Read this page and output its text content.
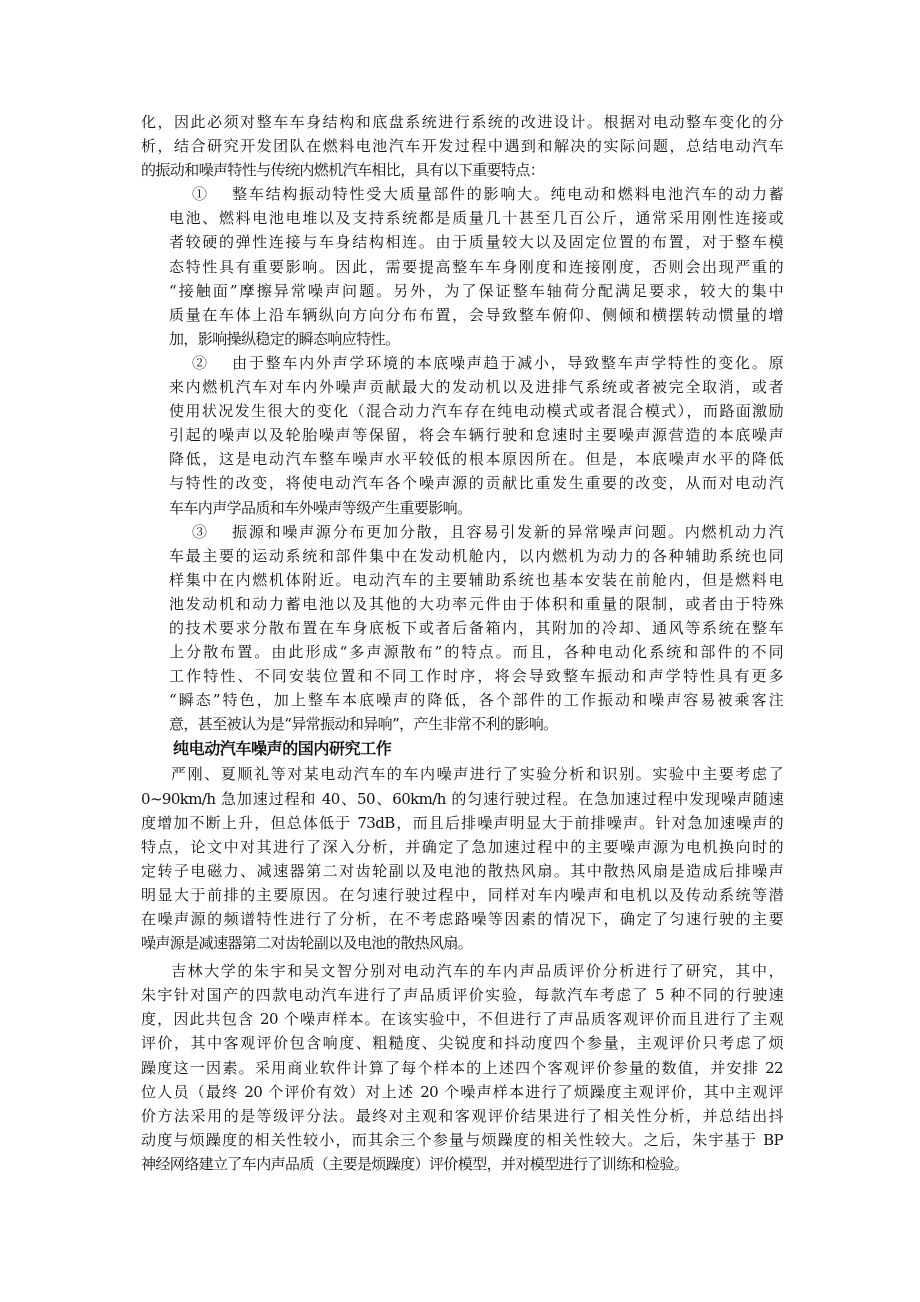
化，因此必须对整车车身结构和底盘系统进行系统的改进设计。根据对电动整车变化的分
析，结合研究开发团队在燃料电池汽车开发过程中遇到和解决的实际问题，总结电动汽车
的振动和噪声特性与传统内燃机汽车相比，具有以下重要特点：
①　 整车结构振动特性受大质量部件的影响大。纯电动和燃料电池汽车的动力蓄
电池、燃料电池电堆以及支持系统都是质量几十甚至几百公斤，通常采用刚性连接或
者较硬的弹性连接与车身结构相连。由于质量较大以及固定位置的布置，对于整车模
态特性具有重要影响。因此，需要提高整车车身刚度和连接刚度，否则会出现严重的
“接触面”摩擦异常噪声问题。另外，为了保证整车轴荷分配满足要求，较大的集中
质量在车体上沿车辆纵向方向分布布置，会导致整车俯仰、侧倾和横摆转动惯量的增
加，影响操纵稳定的瞬态响应特性。
②　 由于整车内外声学环境的本底噪声趋于减小，导致整车声学特性的变化。原
来内燃机汽车对车内外噪声贡献最大的发动机以及进排气系统或者被完全取消，或者
使用状况发生很大的变化（混合动力汽车存在纯电动模式或者混合模式），而路面激励
引起的噪声以及轮胎噪声等保留，将会车辆行驶和怠速时主要噪声源营造的本底噪声
降低，这是电动汽车整车噪声水平较低的根本原因所在。但是，本底噪声水平的降低
与特性的改变，将使电动汽车各个噪声源的贡献比重发生重要的改变，从而对电动汽
车车内声学品质和车外噪声等级产生重要影响。
③　 振源和噪声源分布更加分散，且容易引发新的异常噪声问题。内燃机动力汽
车最主要的运动系统和部件集中在发动机舱内，以内燃机为动力的各种辅助系统也同
样集中在内燃机体附近。电动汽车的主要辅助系统也基本安装在前舱内，但是燃料电
池发动机和动力蓄电池以及其他的大功率元件由于体积和重量的限制，或者由于特殊
的技术要求分散布置在车身底板下或者后备箱内，其附加的冷却、通风等系统在整车
上分散布置。由此形成“多声源散布”的特点。而且，各种电动化系统和部件的不同
工作特性、不同安装位置和不同工作时序，将会导致整车振动和声学特性具有更多
“瞬态”特色，加上整车本底噪声的降低，各个部件的工作振动和噪声容易被乘客注
意，甚至被认为是“异常振动和异响”，产生非常不利的影响。
纯电动汽车噪声的国内研究工作
严刚、夏顺礼等对某电动汽车的车内噪声进行了实验分析和识别。实验中主要考虑了
0~90km/h 急加速过程和 40、50、60km/h 的匀速行驶过程。在急加速过程中发现噪声随速
度增加不断上升，但总体低于 73dB，而且后排噪声明显大于前排噪声。针对急加速噪声的
特点，论文中对其进行了深入分析，并确定了急加速过程中的主要噪声源为电机换向时的
定转子电磁力、减速器第二对齿轮副以及电池的散热风扇。其中散热风扇是造成后排噪声
明显大于前排的主要原因。在匀速行驶过程中，同样对车内噪声和电机以及传动系统等潜
在噪声源的频谱特性进行了分析，在不考虑路噪等因素的情况下，确定了匀速行驶的主要
噪声源是减速器第二对齿轮副以及电池的散热风扇。
吉林大学的朱宇和吴文智分别对电动汽车的车内声品质评价分析进行了研究，其中，
朱宇针对国产的四款电动汽车进行了声品质评价实验，每款汽车考虑了 5 种不同的行驶速
度，因此共包含 20 个噪声样本。在该实验中，不但进行了声品质客观评价而且进行了主观
评价，其中客观评价包含响度、粗糙度、尖锐度和抖动度四个参量，主观评价只考虑了烦
躁度这一因素。采用商业软件计算了每个样本的上述四个客观评价参量的数值，并安排 22
位人员（最终 20 个评价有效）对上述 20 个噪声样本进行了烦躁度主观评价，其中主观评
价方法采用的是等级评分法。最终对主观和客观评价结果进行了相关性分析，并总结出抖
动度与烦躁度的相关性较小，而其余三个参量与烦躁度的相关性较大。之后，朱宇基于 BP
神经网络建立了车内声品质（主要是烦躁度）评价模型，并对模型进行了训练和检验。
